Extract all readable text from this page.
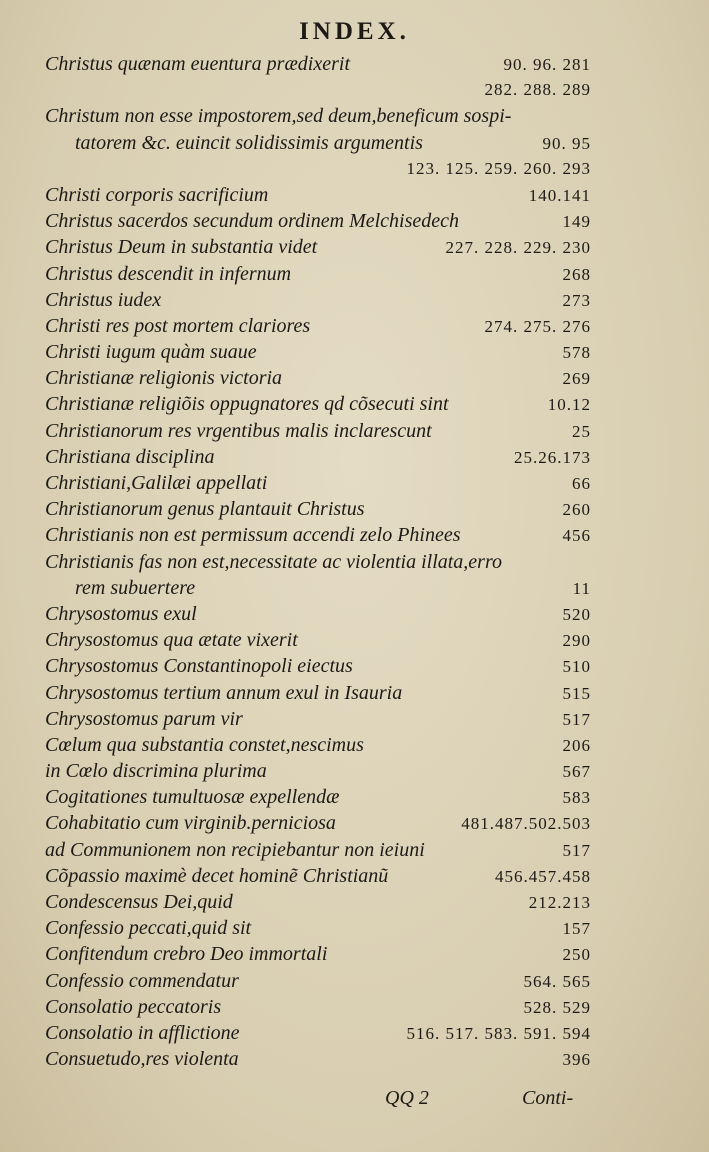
INDEX.
Christus quænam euentura prædixerit	90. 96. 281
282. 288. 289
Christum non esse impostorem,sed deum,beneficum sospi-
tatorem &c. euincit solidissimis argumentis	90. 95
123. 125. 259. 260. 293
Christi corporis sacrificium	140.141
Christus sacerdos secundum ordinem Melchisedech	149
Christus Deum in substantia videt	227. 228. 229. 230
Christus descendit in infernum	268
Christus iudex	273
Christi res post mortem clariores	274. 275. 276
Christi iugum quàm suaue	578
Christianæ religionis victoria	269
Christianæ religiõis oppugnatores qd cõsecuti sint	10.12
Christianorum res vrgentibus malis inclarescunt	25
Christiana disciplina	25.26.173
Christiani,Galilæi appellati	66
Christianorum genus plantauit Christus	260
Christianis non est permissum accendi zelo Phinees	456
Christianis fas non est,necessitate ac violentia illata,erro
rem subuertere	11
Chrysostomus exul	520
Chrysostomus qua ætate vixerit	290
Chrysostomus Constantinopoli eiectus	510
Chrysostomus tertium annum exul in Isauria	515
Chrysostomus parum vir	517
Cœlum qua substantia constet,nescimus	206
in Cœlo discrimina plurima	567
Cogitationes tumultuosæ expellendæ	583
Cohabitatio cum virginib.perniciosa	481.487.502.503
ad Communionem non recipiebantur non ieiuni	517
Cõpassio maximè decet hominẽ Christianũ	456.457.458
Condescensus Dei,quid	212.213
Confessio peccati,quid sit	157
Confitendum crebro Deo immortali	250
Confessio commendatur	564. 565
Consolatio peccatoris	528. 529
Consolatio in afflictione	516. 517. 583. 591. 594
Consuetudo,res violenta	396
QQ 2	Conti-
